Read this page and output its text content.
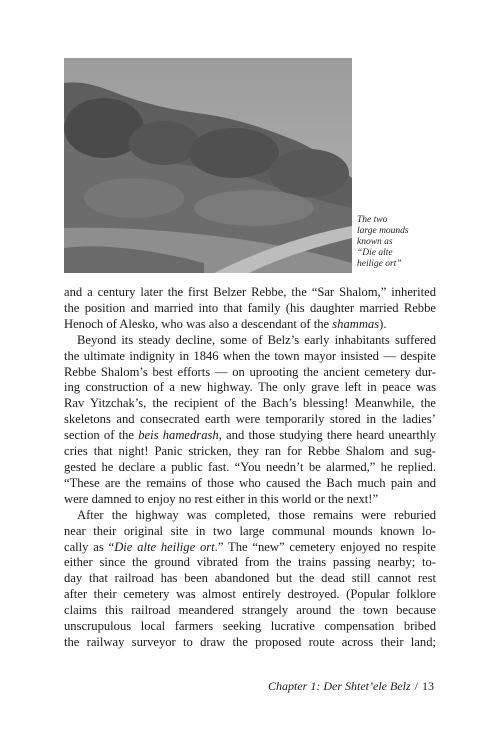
The two
large mounds
known as
“Die alte
heilige ort”
and a century later the first Belzer Rebbe, the “Sar Shalom,” inherited
the position and married into that family (his daughter married Rebbe
Henoch of Alesko, who was also a descendant of the shammas).
Beyond its steady decline, some of Belz’s early inhabitants suffered
the ultimate indignity in 1846 when the town mayor insisted — despite
Rebbe Shalom’s best efforts — on uprooting the ancient cemetery dur-
ing construction of a new highway. The only grave left in peace was
Rav Yitzchak’s, the recipient of the Bach’s blessing! Meanwhile, the
skeletons and consecrated earth were temporarily stored in the ladies’
section of the beis hamedrash, and those studying there heard unearthly
cries that night! Panic stricken, they ran for Rebbe Shalom and sug-
gested he declare a public fast. “You needn’t be alarmed,” he replied.
“These are the remains of those who caused the Bach much pain and
were damned to enjoy no rest either in this world or the next!”
After the highway was completed, those remains were reburied
near their original site in two large communal mounds known lo-
cally as “Die alte heilige ort.” The “new” cemetery enjoyed no respite
either since the ground vibrated from the trains passing nearby; to-
day that railroad has been abandoned but the dead still cannot rest
after their cemetery was almost entirely destroyed. (Popular folklore
claims this railroad meandered strangely around the town because
unscrupulous local farmers seeking lucrative compensation bribed
the railway surveyor to draw the proposed route across their land;
Chapter 1: Der Shtet’ele Belz / 13
